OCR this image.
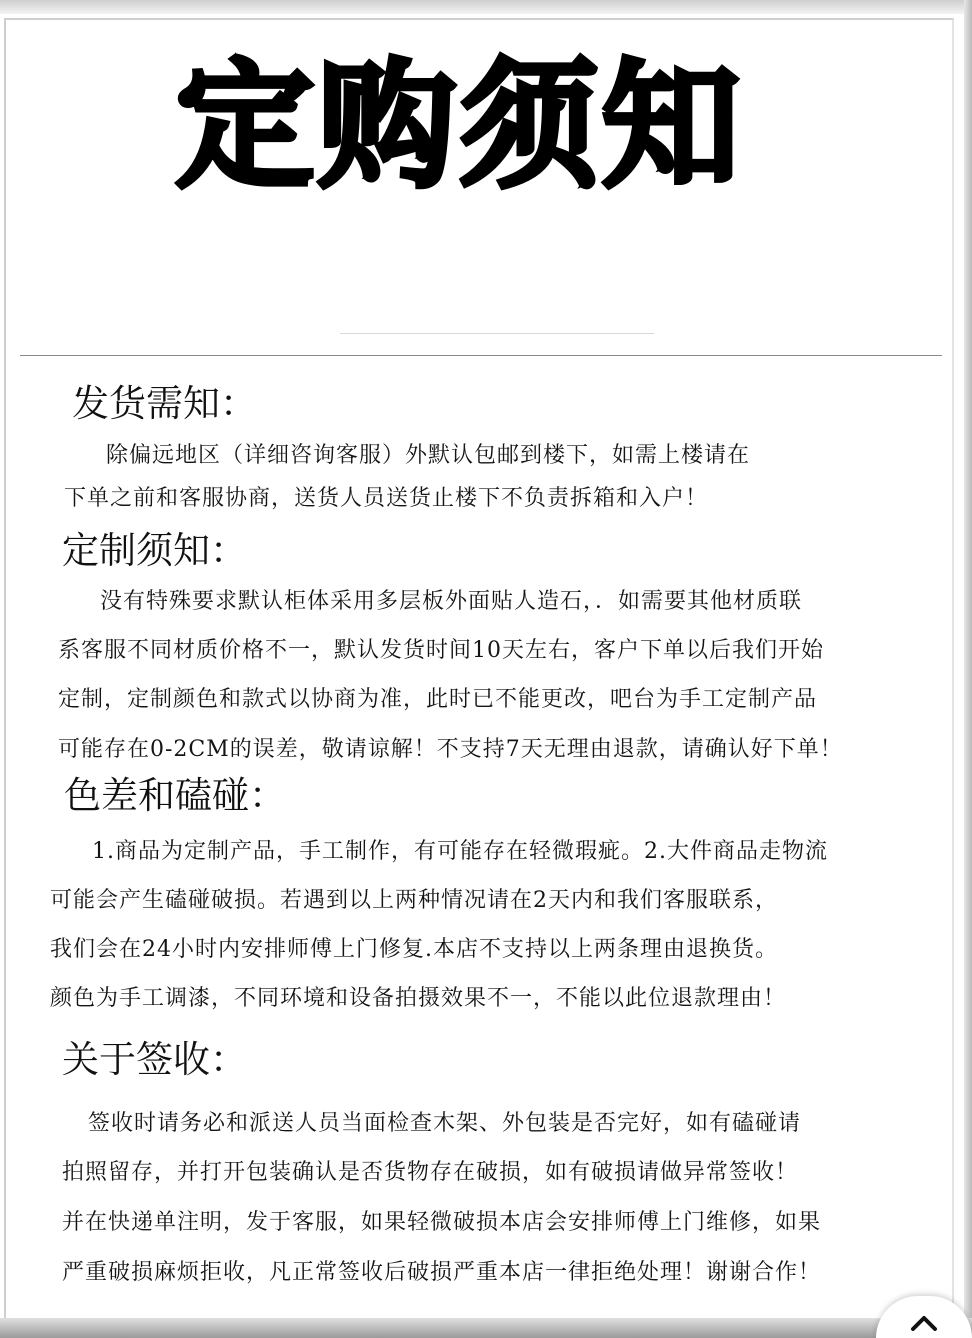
定购须知
发货需知：

除偏远地区（详细咨询客服）外默认包邮到楼下，如需上楼请在

下单之前和客服协商，送货人员送货止楼下不负责拆箱和入户！

定制须知：

没有特殊要求默认柜体采用多层板外面贴人造石，．如需要其他材质联

系客服不同材质价格不一，默认发货时间10天左右，客户下单以后我们开始

定制，定制颜色和款式以协商为准，此时已不能更改，吧台为手工定制产品

可能存在0-2CM的误差，敬请谅解！不支持7天无理由退款，请确认好下单！

色差和磕碰：

1.商品为定制产品，手工制作，有可能存在轻微瑕疵。2.大件商品走物流

可能会产生磕碰破损。若遇到以上两种情况请在2天内和我们客服联系，

我们会在24小时内安排师傅上门修复.本店不支持以上两条理由退换货。

颜色为手工调漆，不同环境和设备拍摄效果不一，不能以此位退款理由！

关于签收：

签收时请务必和派送人员当面检查木架、外包装是否完好，如有磕碰请

拍照留存，并打开包装确认是否货物存在破损，如有破损请做异常签收！

并在快递单注明，发于客服，如果轻微破损本店会安排师傅上门维修，如果

严重破损麻烦拒收，凡正常签收后破损严重本店一律拒绝处理！谢谢合作！
